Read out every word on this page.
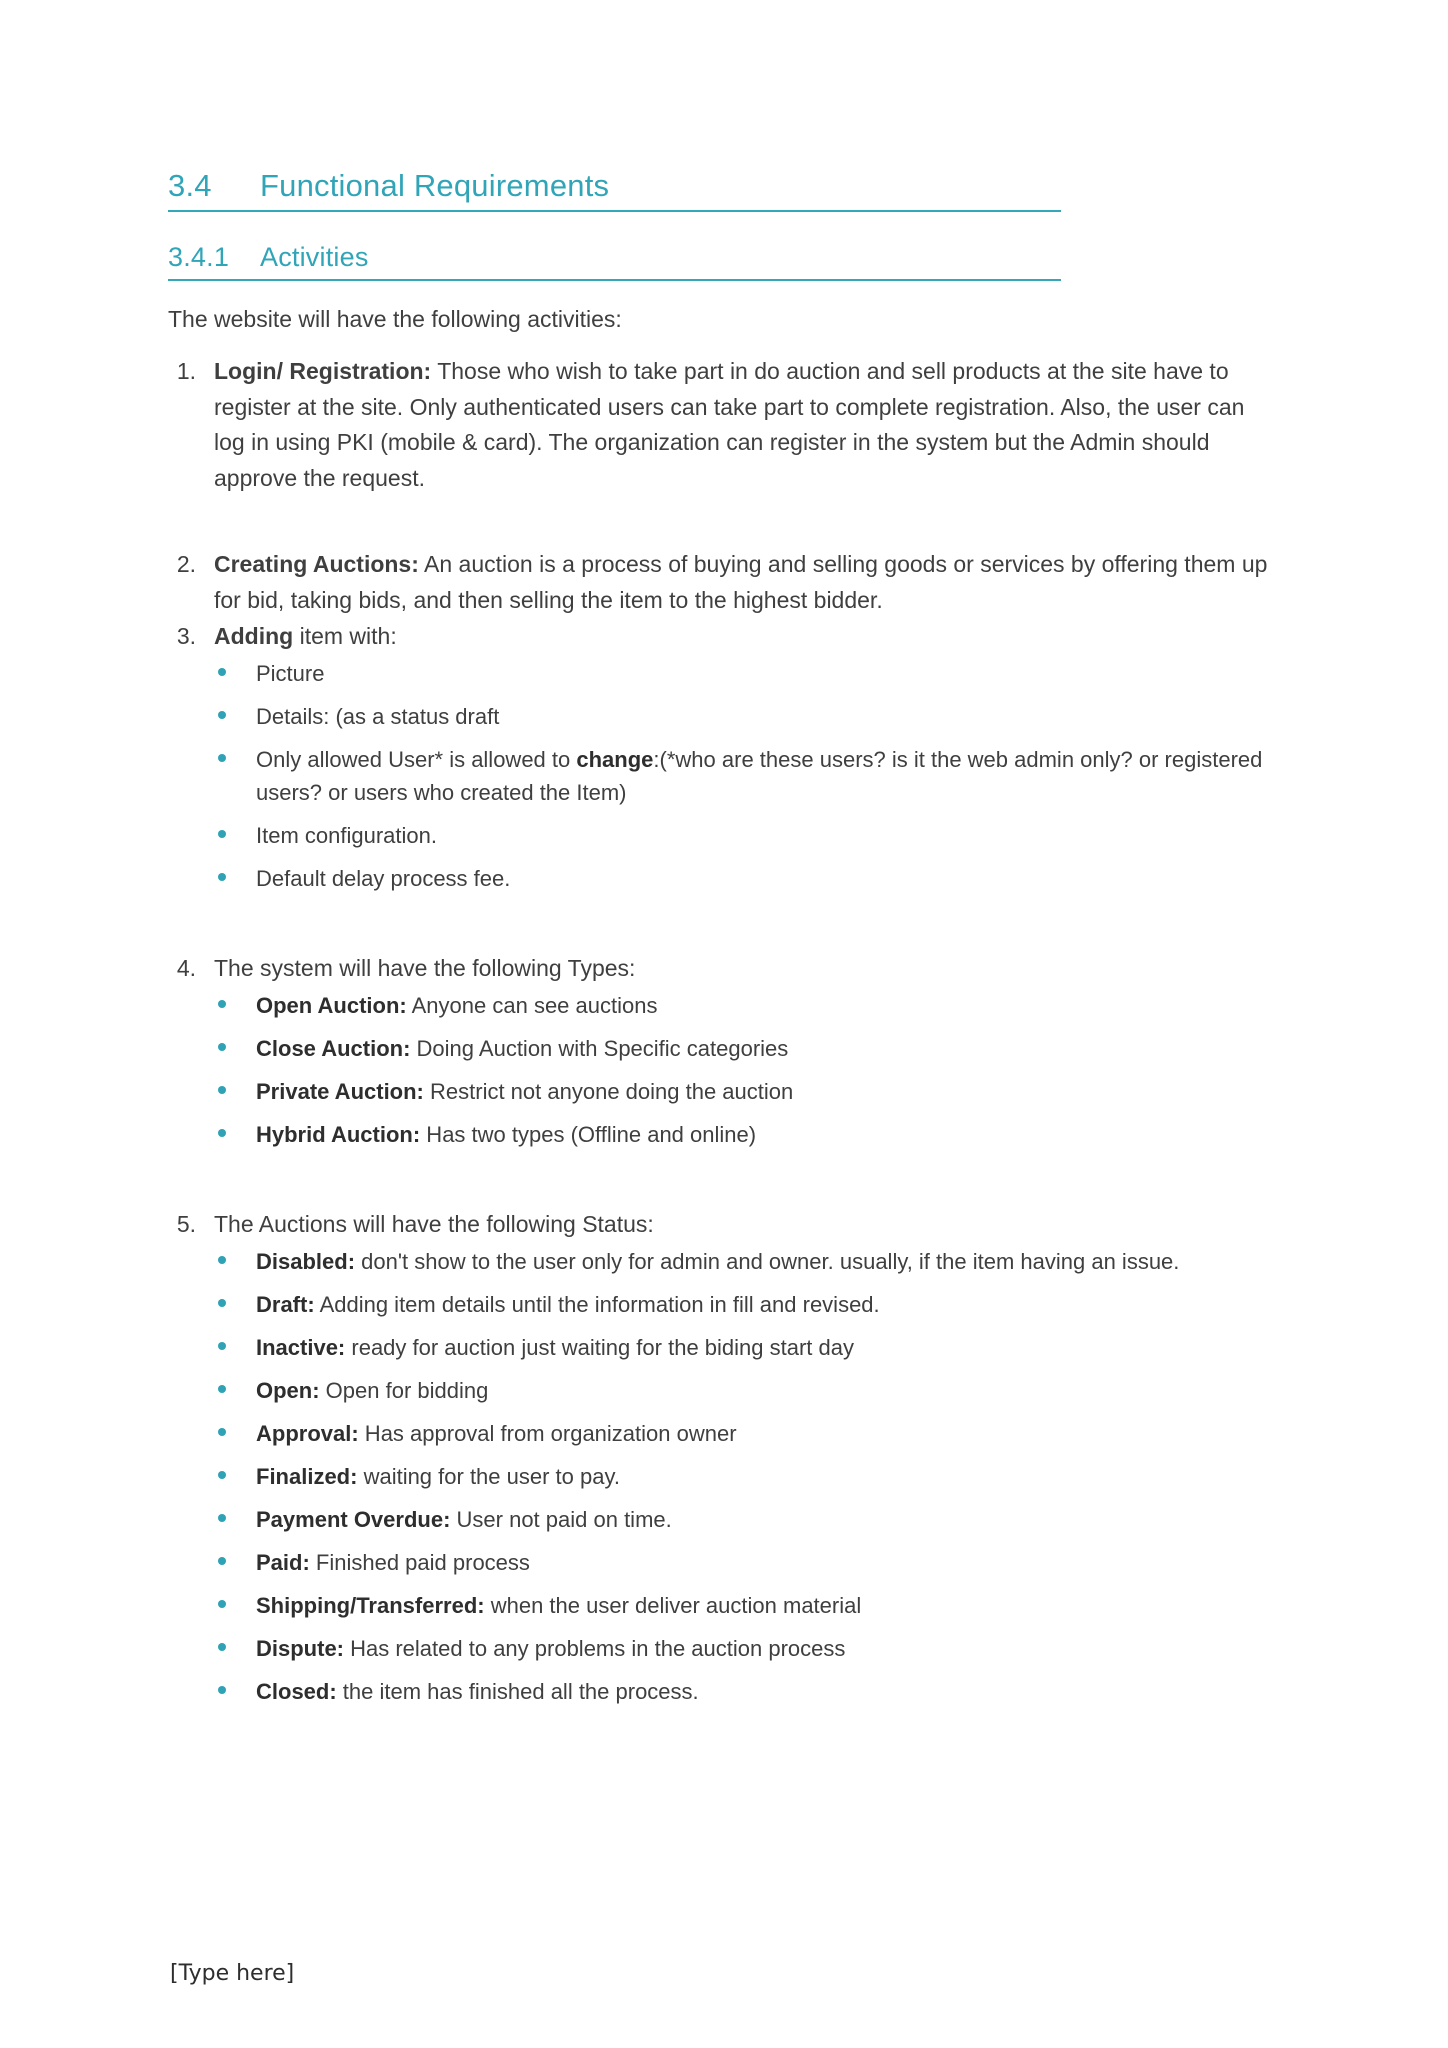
3.4	Functional Requirements
3.4.1	Activities

The website will have the following activities:

1. Login/ Registration: Those who wish to take part in do auction and sell products at the site have to register at the site. Only authenticated users can take part to complete registration. Also, the user can log in using PKI (mobile & card). The organization can register in the system but the Admin should approve the request.
2. Creating Auctions: An auction is a process of buying and selling goods or services by offering them up for bid, taking bids, and then selling the item to the highest bidder.
3. Adding item with:
Picture
Details: (as a status draft
Only allowed User* is allowed to change:(*who are these users? is it the web admin only? or registered users? or users who created the Item)
Item configuration.
Default delay process fee.
4. The system will have the following Types:
Open Auction: Anyone can see auctions
Close Auction: Doing Auction with Specific categories
Private Auction: Restrict not anyone doing the auction
Hybrid Auction: Has two types (Offline and online)
5. The Auctions will have the following Status:
Disabled: don't show to the user only for admin and owner. usually, if the item having an issue.
Draft: Adding item details until the information in fill and revised.
Inactive: ready for auction just waiting for the biding start day
Open: Open for bidding
Approval: Has approval from organization owner
Finalized: waiting for the user to pay.
Payment Overdue: User not paid on time.
Paid: Finished paid process
Shipping/Transferred: when the user deliver auction material
Dispute: Has related to any problems in the auction process
Closed: the item has finished all the process.
[Type here]
